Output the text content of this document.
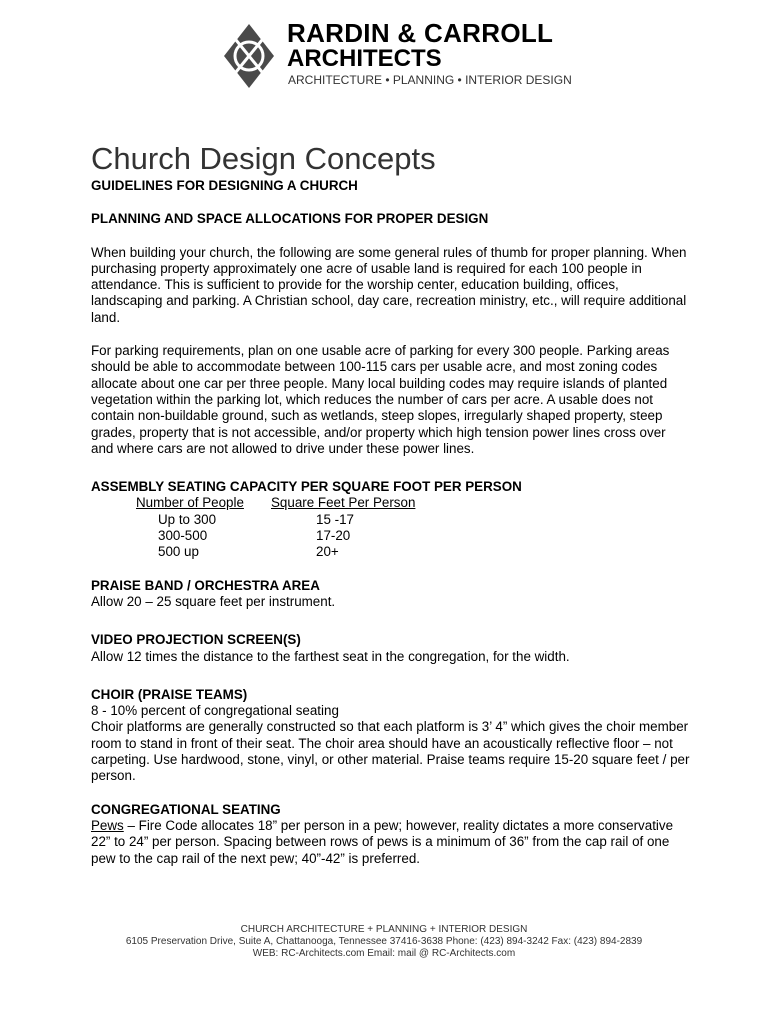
RARDIN & CARROLL
ARCHITECTS
ARCHITECTURE • PLANNING • INTERIOR DESIGN
Church Design Concepts
GUIDELINES FOR DESIGNING A CHURCH
PLANNING AND SPACE ALLOCATIONS FOR PROPER DESIGN

When building your church, the following are some general rules of thumb for proper planning. When purchasing property approximately one acre of usable land is required for each 100 people in attendance. This is sufficient to provide for the worship center, education building, offices, landscaping and parking. A Christian school, day care, recreation ministry, etc., will require additional land.

For parking requirements, plan on one usable acre of parking for every 300 people. Parking areas should be able to accommodate between 100-115 cars per usable acre, and most zoning codes allocate about one car per three people. Many local building codes may require islands of planted vegetation within the parking lot, which reduces the number of cars per acre. A usable does not contain non-buildable ground, such as wetlands, steep slopes, irregularly shaped property, steep grades, property that is not accessible, and/or property which high tension power lines cross over and where cars are not allowed to drive under these power lines.

ASSEMBLY SEATING CAPACITY PER SQUARE FOOT PER PERSON
Number of People	Square Feet Per Person
Up to 300	15 -17
300-500	17-20
500 up	20+
PRAISE BAND / ORCHESTRA AREA

Allow 20 – 25 square feet per instrument.

VIDEO PROJECTION SCREEN(S)

Allow 12 times the distance to the farthest seat in the congregation, for the width.

CHOIR (PRAISE TEAMS)

8 - 10% percent of congregational seating

Choir platforms are generally constructed so that each platform is 3’ 4” which gives the choir member room to stand in front of their seat. The choir area should have an acoustically reflective floor – not carpeting. Use hardwood, stone, vinyl, or other material. Praise teams require 15-20 square feet / per person.

CONGREGATIONAL SEATING

Pews – Fire Code allocates 18” per person in a pew; however, reality dictates a more conservative 22” to 24” per person. Spacing between rows of pews is a minimum of 36” from the cap rail of one pew to the cap rail of the next pew; 40”-42” is preferred.

CHURCH ARCHITECTURE + PLANNING + INTERIOR DESIGN
6105 Preservation Drive, Suite A, Chattanooga, Tennessee 37416-3638 Phone: (423) 894-3242 Fax: (423) 894-2839
WEB: RC-Architects.com Email: mail @ RC-Architects.com
